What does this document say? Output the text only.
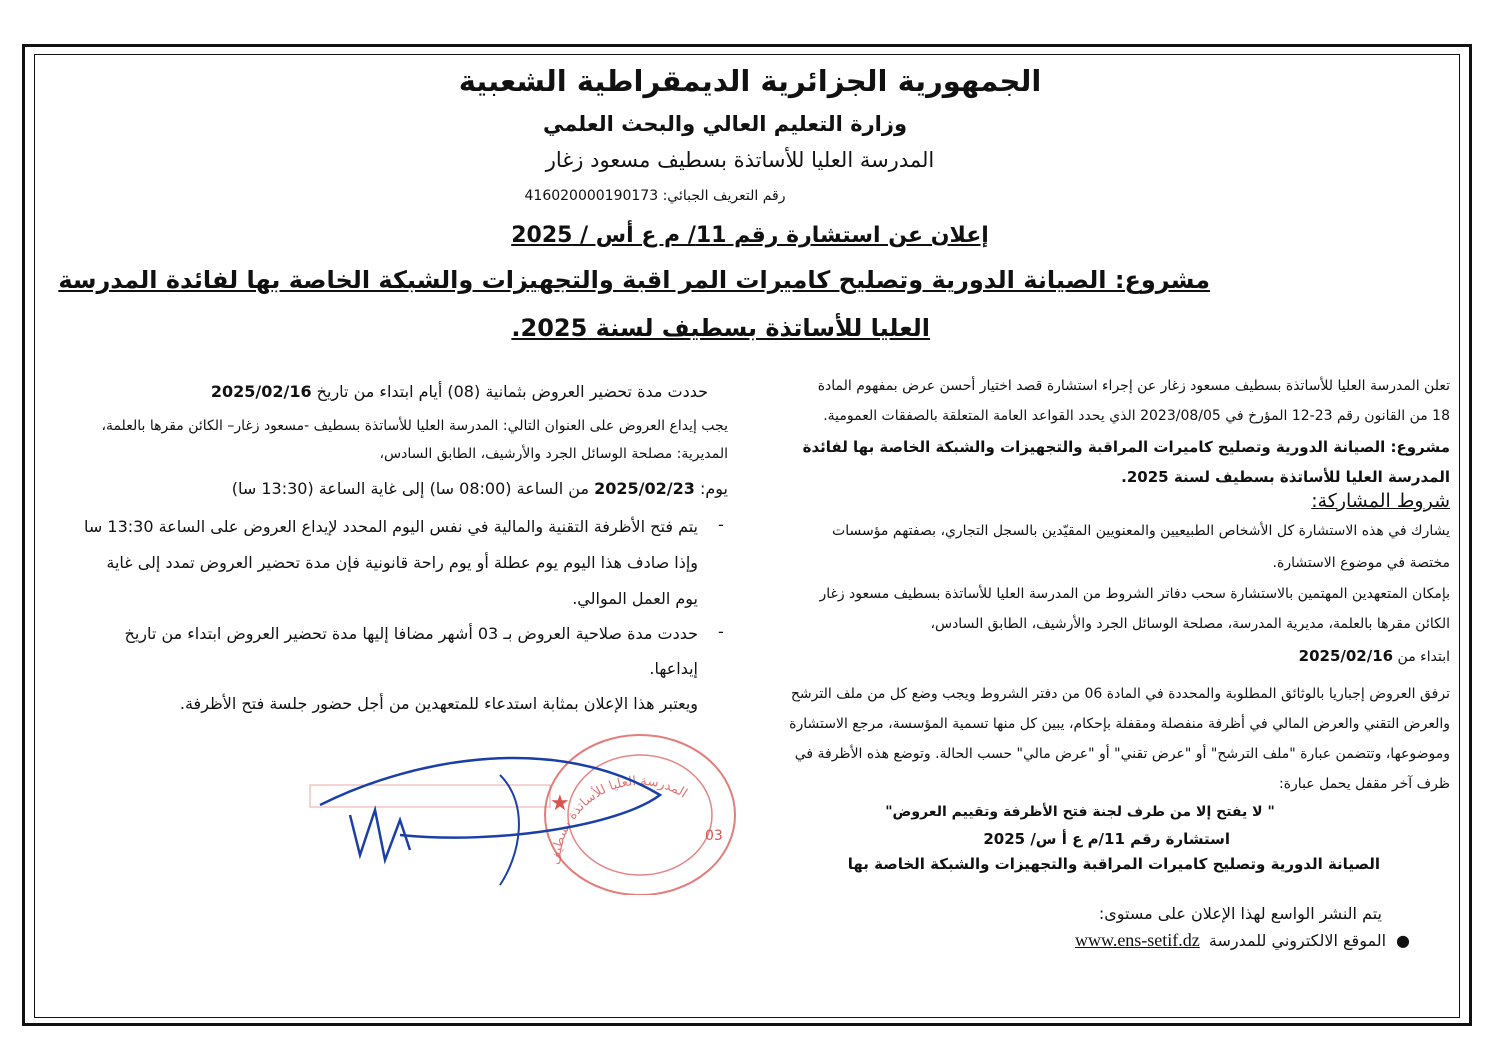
الجمهورية الجزائرية الديمقراطية الشعبية
وزارة التعليم العالي والبحث العلمي
المدرسة العليا للأساتذة بسطيف مسعود زغار
رقم التعريف الجبائي: 416020000190173
إعلان عن استشارة رقم 11/ م ع أس / 2025
مشروع: الصيانة الدورية وتصليح كاميرات المر اقبة والتجهيزات والشبكة الخاصة بها لفائدة المدرسة
العليا للأساتذة بسطيف لسنة 2025.
تعلن المدرسة العليا للأساتذة بسطيف مسعود زغار عن إجراء استشارة قصد اختيار أحسن عرض بمفهوم المادة
18 من القانون رقم 23-12 المؤرخ في 2023/08/05 الذي يحدد القواعد العامة المتعلقة بالصفقات العمومية.
مشروع: الصيانة الدورية وتصليح كاميرات المراقبة والتجهيزات والشبكة الخاصة بها لفائدة
المدرسة العليا للأساتذة بسطيف لسنة 2025.
شروط المشاركة:
يشارك في هذه الاستشارة كل الأشخاص الطبيعيين والمعنويين المقيّدين بالسجل التجاري، بصفتهم مؤسسات
مختصة في موضوع الاستشارة.
بإمكان المتعهدين المهتمين بالاستشارة سحب دفاتر الشروط من المدرسة العليا للأساتذة بسطيف مسعود زغار
الكائن مقرها بالعلمة، مديرية المدرسة، مصلحة الوسائل الجرد والأرشيف، الطابق السادس،
ابتداء من 2025/02/16
ترفق العروض إجباريا بالوثائق المطلوبة والمحددة في المادة 06 من دفتر الشروط ويجب وضع كل من ملف الترشح
والعرض التقني والعرض المالي في أظرفة منفصلة ومقفلة بإحكام، يبين كل منها تسمية المؤسسة، مرجع الاستشارة
وموضوعها، وتتضمن عبارة "ملف الترشح" أو "عرض تقني" أو "عرض مالي" حسب الحالة. وتوضع هذه الأظرفة في
ظرف آخر مقفل يحمل عبارة:
" لا يفتح إلا من طرف لجنة فتح الأظرفة وتقييم العروض"
استشارة رقم 11/م ع أ س/ 2025
الصيانة الدورية وتصليح كاميرات المراقبة والتجهيزات والشبكة الخاصة بها
يتم النشر الواسع لهذا الإعلان على مستوى:
●الموقع الالكتروني للمدرسة www.ens-setif.dz
حددت مدة تحضير العروض بثمانية (08) أيام ابتداء من تاريخ 2025/02/16
يجب إيداع العروض على العنوان التالي: المدرسة العليا للأساتذة بسطيف -مسعود زغار– الكائن مقرها بالعلمة،
المديرية: مصلحة الوسائل الجرد والأرشيف، الطابق السادس،
يوم: 2025/02/23 من الساعة (08:00 سا) إلى غاية الساعة (13:30 سا)
-
يتم فتح الأظرفة التقنية والمالية في نفس اليوم المحدد لإيداع العروض على الساعة 13:30 سا
وإذا صادف هذا اليوم يوم عطلة أو يوم راحة قانونية فإن مدة تحضير العروض تمدد إلى غاية
يوم العمل الموالي.
-
حددت مدة صلاحية العروض بـ 03 أشهر مضافا إليها مدة تحضير العروض ابتداء من تاريخ
إيداعها.
ويعتبر هذا الإعلان بمثابة استدعاء للمتعهدين من أجل حضور جلسة فتح الأظرفة.
المدرسة العليا للأساتذة بسطيف
03
★
